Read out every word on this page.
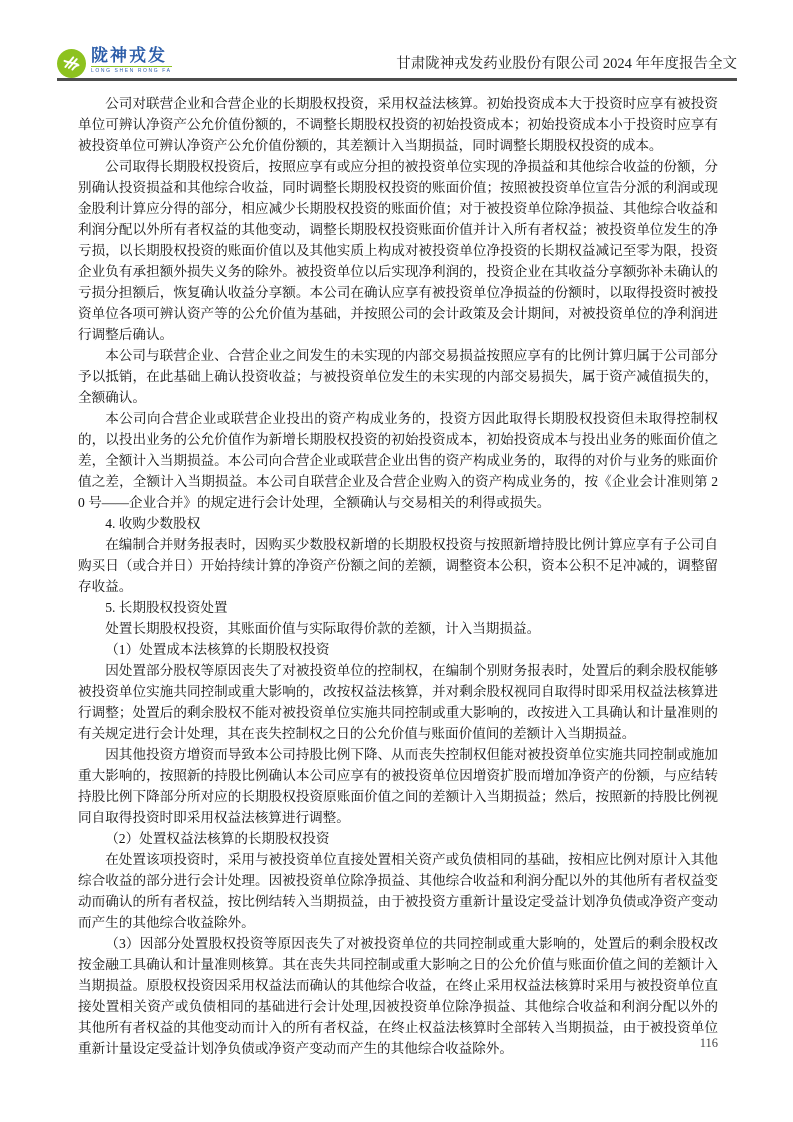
陇神戎发
LONG SHEN RONG FA	甘肃陇神戎发药业股份有限公司 2024 年年度报告全文

公司对联营企业和合营企业的长期股权投资，采用权益法核算。初始投资成本大于投资时应享有被投资单位可辨认净资产公允价值份额的，不调整长期股权投资的初始投资成本；初始投资成本小于投资时应享有被投资单位可辨认净资产公允价值份额的，其差额计入当期损益，同时调整长期股权投资的成本。

公司取得长期股权投资后，按照应享有或应分担的被投资单位实现的净损益和其他综合收益的份额，分别确认投资损益和其他综合收益，同时调整长期股权投资的账面价值；按照被投资单位宣告分派的利润或现金股利计算应分得的部分，相应减少长期股权投资的账面价值；对于被投资单位除净损益、其他综合收益和利润分配以外所有者权益的其他变动，调整长期股权投资账面价值并计入所有者权益；被投资单位发生的净亏损，以长期股权投资的账面价值以及其他实质上构成对被投资单位净投资的长期权益减记至零为限，投资企业负有承担额外损失义务的除外。被投资单位以后实现净利润的，投资企业在其收益分享额弥补未确认的亏损分担额后，恢复确认收益分享额。本公司在确认应享有被投资单位净损益的份额时，以取得投资时被投资单位各项可辨认资产等的公允价值为基础，并按照公司的会计政策及会计期间，对被投资单位的净利润进行调整后确认。

本公司与联营企业、合营企业之间发生的未实现的内部交易损益按照应享有的比例计算归属于公司部分予以抵销，在此基础上确认投资收益；与被投资单位发生的未实现的内部交易损失，属于资产减值损失的，全额确认。

本公司向合营企业或联营企业投出的资产构成业务的，投资方因此取得长期股权投资但未取得控制权的，以投出业务的公允价值作为新增长期股权投资的初始投资成本，初始投资成本与投出业务的账面价值之差，全额计入当期损益。本公司向合营企业或联营企业出售的资产构成业务的，取得的对价与业务的账面价值之差，全额计入当期损益。本公司自联营企业及合营企业购入的资产构成业务的，按《企业会计准则第 20 号——企业合并》的规定进行会计处理，全额确认与交易相关的利得或损失。

4. 收购少数股权

在编制合并财务报表时，因购买少数股权新增的长期股权投资与按照新增持股比例计算应享有子公司自购买日（或合并日）开始持续计算的净资产份额之间的差额，调整资本公积，资本公积不足冲减的，调整留存收益。

5. 长期股权投资处置

处置长期股权投资，其账面价值与实际取得价款的差额，计入当期损益。

（1）处置成本法核算的长期股权投资

因处置部分股权等原因丧失了对被投资单位的控制权，在编制个别财务报表时，处置后的剩余股权能够被投资单位实施共同控制或重大影响的，改按权益法核算，并对剩余股权视同自取得时即采用权益法核算进行调整；处置后的剩余股权不能对被投资单位实施共同控制或重大影响的，改按进入工具确认和计量准则的有关规定进行会计处理，其在丧失控制权之日的公允价值与账面价值间的差额计入当期损益。

因其他投资方增资而导致本公司持股比例下降、从而丧失控制权但能对被投资单位实施共同控制或施加重大影响的，按照新的持股比例确认本公司应享有的被投资单位因增资扩股而增加净资产的份额，与应结转持股比例下降部分所对应的长期股权投资原账面价值之间的差额计入当期损益；然后，按照新的持股比例视同自取得投资时即采用权益法核算进行调整。

（2）处置权益法核算的长期股权投资

在处置该项投资时，采用与被投资单位直接处置相关资产或负债相同的基础，按相应比例对原计入其他综合收益的部分进行会计处理。因被投资单位除净损益、其他综合收益和利润分配以外的其他所有者权益变动而确认的所有者权益，按比例结转入当期损益，由于被投资方重新计量设定受益计划净负债或净资产变动而产生的其他综合收益除外。

（3）因部分处置股权投资等原因丧失了对被投资单位的共同控制或重大影响的，处置后的剩余股权改按金融工具确认和计量准则核算。其在丧失共同控制或重大影响之日的公允价值与账面价值之间的差额计入当期损益。原股权投资因采用权益法而确认的其他综合收益，在终止采用权益法核算时采用与被投资单位直接处置相关资产或负债相同的基础进行会计处理,因被投资单位除净损益、其他综合收益和利润分配以外的其他所有者权益的其他变动而计入的所有者权益，在终止权益法核算时全部转入当期损益，由于被投资单位重新计量设定受益计划净负债或净资产变动而产生的其他综合收益除外。	116
